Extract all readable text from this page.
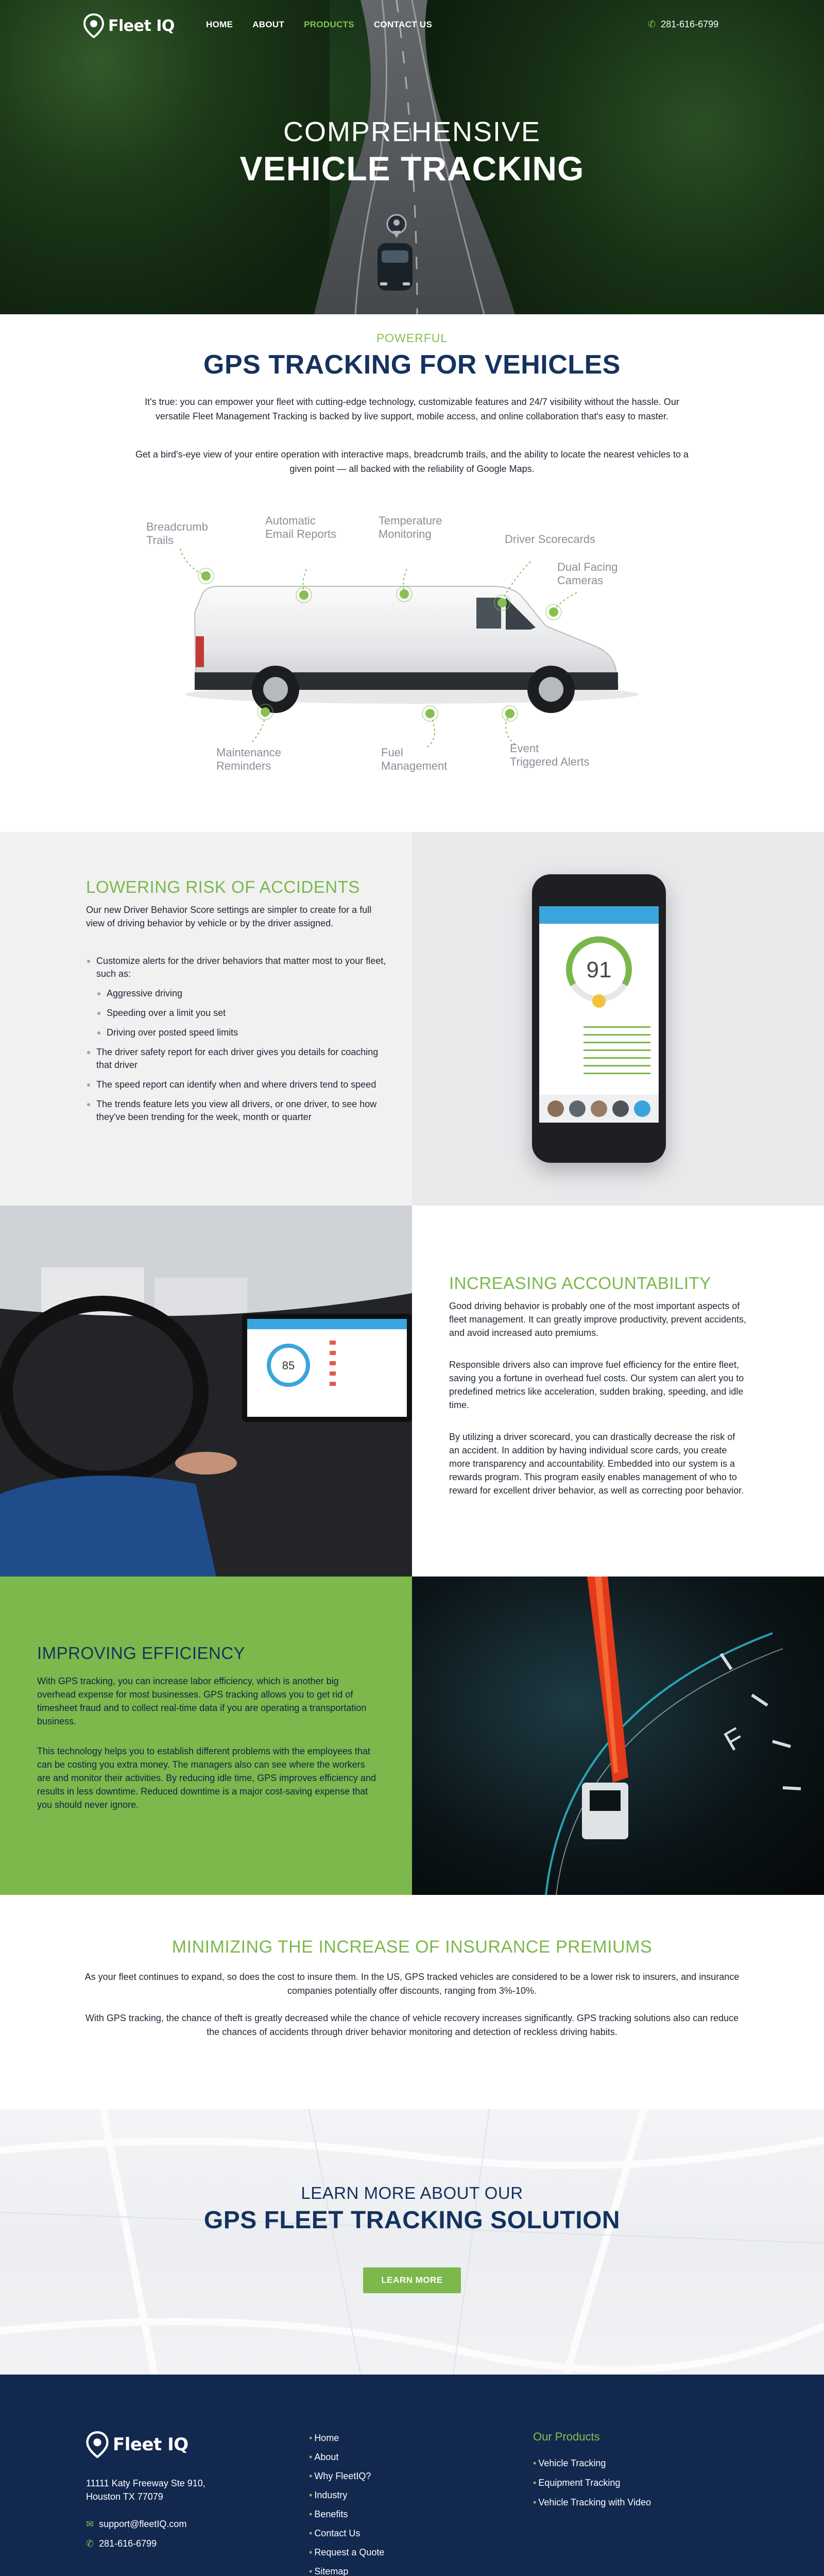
Fleet IQ	HOME ABOUT PRODUCTS CONTACT US	✆ 281-616-6799
COMPREHENSIVE
VEHICLE TRACKING
POWERFUL
GPS TRACKING FOR VEHICLES

It's true: you can empower your fleet with cutting-edge technology, customizable features and 24/7 visibility without the hassle. Our versatile Fleet Management Tracking is backed by live support, mobile access, and online collaboration that's easy to master.

Get a bird's-eye view of your entire operation with interactive maps, breadcrumb trails, and the ability to locate the nearest vehicles to a given point — all backed with the reliability of Google Maps.

Breadcrumb
Trails
Automatic
Email Reports
Temperature
Monitoring	Driver Scorecards
Dual Facing
Cameras
Maintenance
Reminders
Fuel
Management
Event
Triggered Alerts
LOWERING RISK OF ACCIDENTS

Our new Driver Behavior Score settings are simpler to create for a full view of driving behavior by vehicle or by the driver assigned.

Customize alerts for the driver behaviors that matter most to your fleet, such as:
Aggressive driving
Speeding over a limit you set
Driving over posted speed limits
The driver safety report for each driver gives you details for coaching that driver
The speed report can identify when and where drivers tend to speed
The trends feature lets you view all drivers, or one driver, to see how they've been trending for the week, month or quarter
91
85
INCREASING ACCOUNTABILITY

Good driving behavior is probably one of the most important aspects of fleet management. It can greatly improve productivity, prevent accidents, and avoid increased auto premiums.

Responsible drivers also can improve fuel efficiency for the entire fleet, saving you a fortune in overhead fuel costs. Our system can alert you to predefined metrics like acceleration, sudden braking, speeding, and idle time.

By utilizing a driver scorecard, you can drastically decrease the risk of an accident. In addition by having individual score cards, you create more transparency and accountability. Embedded into our system is a rewards program. This program easily enables management of who to reward for excellent driver behavior, as well as correcting poor behavior.

IMPROVING EFFICIENCY

With GPS tracking, you can increase labor efficiency, which is another big overhead expense for most businesses. GPS tracking allows you to get rid of timesheet fraud and to collect real-time data if you are operating a transportation business.

This technology helps you to establish different problems with the employees that can be costing you extra money. The managers also can see where the workers are and monitor their activities. By reducing idle time, GPS improves efficiency and results in less downtime. Reduced downtime is a major cost-saving expense that you should never ignore.

F
MINIMIZING THE INCREASE OF INSURANCE PREMIUMS

As your fleet continues to expand, so does the cost to insure them. In the US, GPS tracked vehicles are considered to be a lower risk to insurers, and insurance companies potentially offer discounts, ranging from 3%-10%.

With GPS tracking, the chance of theft is greatly decreased while the chance of vehicle recovery increases significantly. GPS tracking solutions also can reduce the chances of accidents through driver behavior monitoring and detection of reckless driving habits.

LEARN MORE ABOUT OUR
GPS FLEET TRACKING SOLUTION
LEARN MORE
Fleet IQ
11111 Katy Freeway Ste 910,
Houston TX 77079
✉ support@fleetIQ.com
✆ 281-616-6799
• Home
• About
• Why FleetIQ?
• Industry
• Benefits
• Contact Us
• Request a Quote
• Sitemap
Our Products
• Vehicle Tracking
• Equipment Tracking
• Vehicle Tracking with Video
